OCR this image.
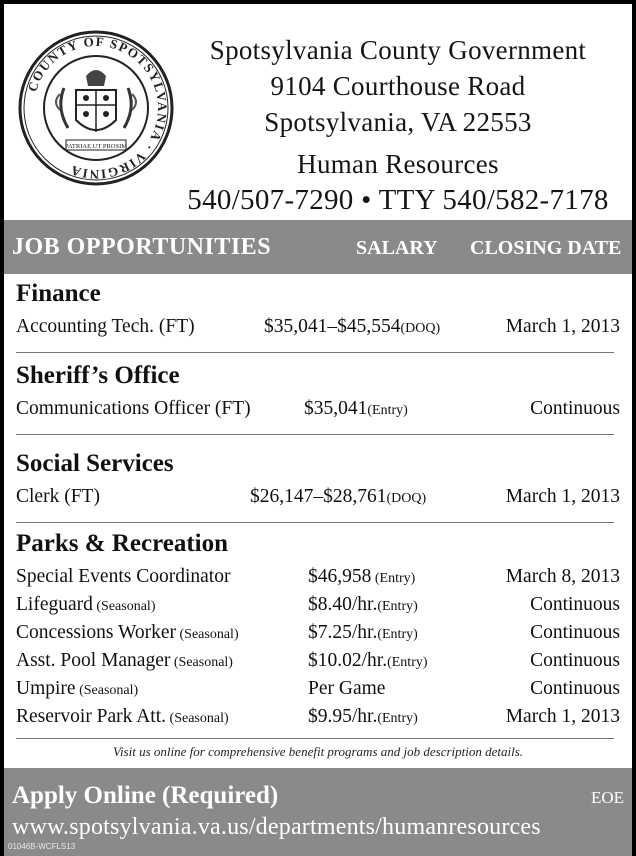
COUNTY OF SPOTSYLVANIA · VIRGINIA
PATRIAE UT PROSIM
Spotsylvania County Government
9104 Courthouse Road
Spotsylvania, VA 22553
Human Resources
540/507-7290 • TTY 540/582-7178
JOB OPPORTUNITIES	SALARY CLOSING DATE
Finance
Accounting Tech. (FT)	$35,041–$45,554(DOQ)	March 1, 2013
Sheriff’s Office
Communications Officer (FT)	$35,041(Entry)	Continuous
Social Services
Clerk (FT)	$26,147–$28,761(DOQ)	March 1, 2013
Parks & Recreation
Special Events Coordinator	$46,958 (Entry)	March 8, 2013
Lifeguard (Seasonal)	$8.40/hr.(Entry)	Continuous
Concessions Worker (Seasonal)	$7.25/hr.(Entry)	Continuous
Asst. Pool Manager (Seasonal)	$10.02/hr.(Entry)	Continuous
Umpire (Seasonal)	Per Game	Continuous
Reservoir Park Att. (Seasonal)	$9.95/hr.(Entry)	March 1, 2013
Visit us online for comprehensive benefit programs and job description details.
Apply Online (Required)	EOE
www.spotsylvania.va.us/departments/humanresources
01046B-WCFLS13
